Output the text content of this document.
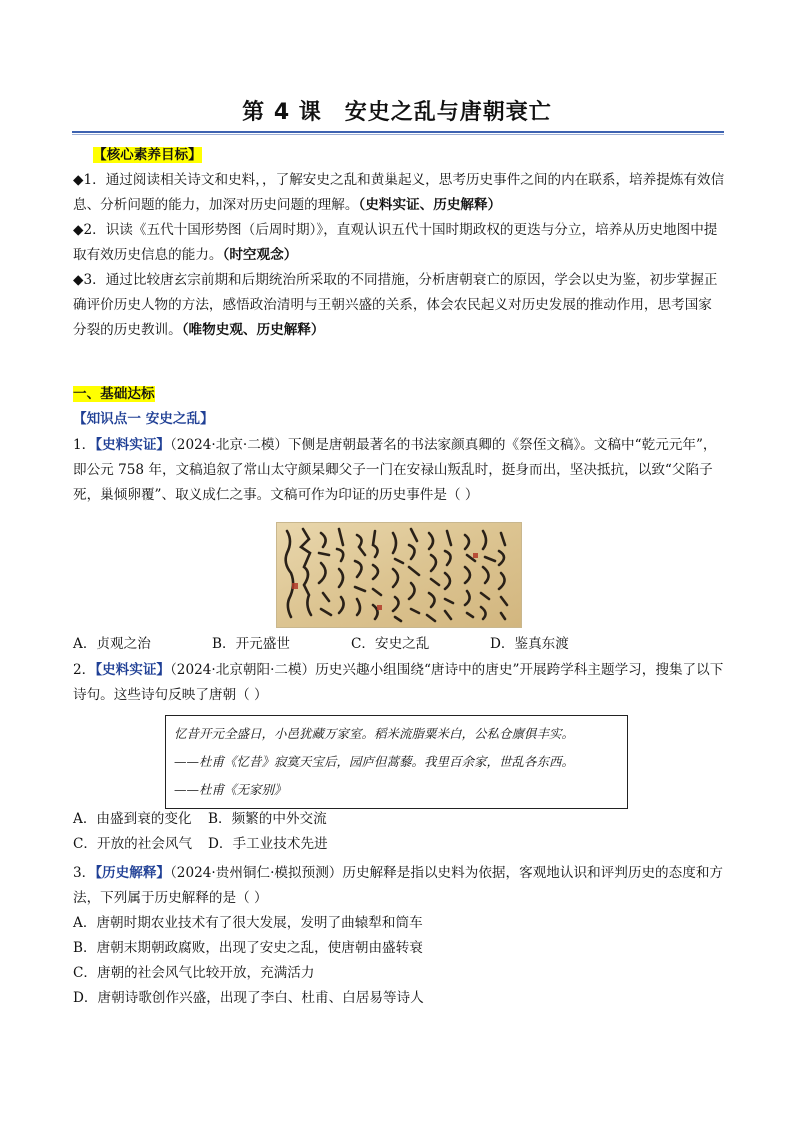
第 4 课　安史之乱与唐朝衰亡

【核心素养目标】

◆1．通过阅读相关诗文和史料，，了解安史之乱和黄巢起义，思考历史事件之间的内在联系，培养提炼有效信息、分析问题的能力，加深对历史问题的理解。（史料实证、历史解释）

◆2．识读《五代十国形势图（后周时期）》，直观认识五代十国时期政权的更迭与分立，培养从历史地图中提取有效历史信息的能力。（时空观念）

◆3．通过比较唐玄宗前期和后期统治所采取的不同措施，分析唐朝衰亡的原因，学会以史为鉴，初步掌握正确评价历史人物的方法，感悟政治清明与王朝兴盛的关系，体会农民起义对历史发展的推动作用，思考国家分裂的历史教训。（唯物史观、历史解释）

一、基础达标

【知识点一 安史之乱】

1．【史料实证】（2024·北京·二模）下侧是唐朝最著名的书法家颜真卿的《祭侄文稿》。文稿中“乾元元年”，即公元 758 年，文稿追叙了常山太守颜杲卿父子一门在安禄山叛乱时，挺身而出，坚决抵抗，以致“父陷子死，巢倾卵覆”、取义成仁之事。文稿可作为印证的历史事件是（ ）

A．贞观之治	B．开元盛世	C．安史之乱	D．鉴真东渡

2．【史料实证】（2024·北京朝阳·二模）历史兴趣小组围绕“唐诗中的唐史”开展跨学科主题学习，搜集了以下诗句。这些诗句反映了唐朝（ ）

忆昔开元全盛日，小邑犹藏万家室。稻米流脂粟米白，公私仓廪俱丰实。

——杜甫《忆昔》寂寞天宝后，园庐但蒿藜。我里百余家，世乱各东西。

——杜甫《无家别》

A．由盛到衰的变化 B．频繁的中外交流

C．开放的社会风气 D．手工业技术先进

3．【历史解释】（2024·贵州铜仁·模拟预测）历史解释是指以史料为依据，客观地认识和评判历史的态度和方法，下列属于历史解释的是（ ）

A．唐朝时期农业技术有了很大发展，发明了曲辕犁和筒车

B．唐朝末期朝政腐败，出现了安史之乱，使唐朝由盛转衰

C．唐朝的社会风气比较开放，充满活力

D．唐朝诗歌创作兴盛，出现了李白、杜甫、白居易等诗人
